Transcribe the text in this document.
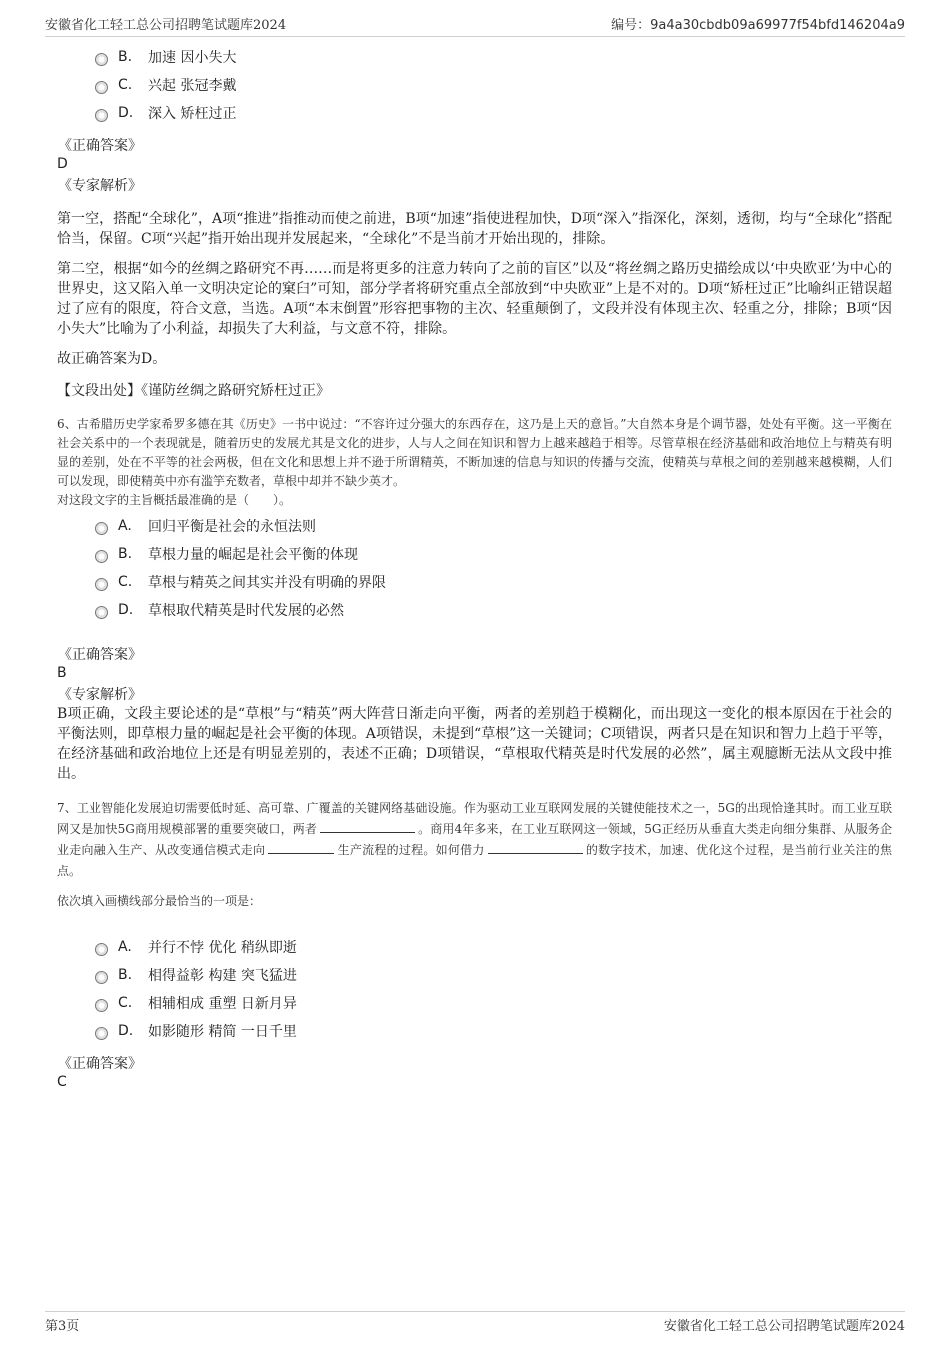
安徽省化工轻工总公司招聘笔试题库2024	编号：9a4a30cbdb09a69977f54bfd146204a9
B.	加速 因小失大
C.	兴起 张冠李戴
D.	深入 矫枉过正
《正确答案》
D
《专家解析》

第一空，搭配“全球化”，A项“推进”指推动而使之前进，B项“加速”指使进程加快，D项“深入”指深化，深刻，透彻，均与“全球化”搭配恰当，保留。C项“兴起”指开始出现并发展起来，“全球化”不是当前才开始出现的，排除。

第二空，根据“如今的丝绸之路研究不再……而是将更多的注意力转向了之前的盲区”以及“将丝绸之路历史描绘成以‘中央欧亚’为中心的世界史，这又陷入单一文明决定论的窠臼”可知，部分学者将研究重点全部放到“中央欧亚”上是不对的。D项“矫枉过正”比喻纠正错误超过了应有的限度，符合文意，当选。A项“本末倒置”形容把事物的主次、轻重颠倒了，文段并没有体现主次、轻重之分，排除；B项“因小失大”比喻为了小利益，却损失了大利益，与文意不符，排除。

故正确答案为D。

【文段出处】《谨防丝绸之路研究矫枉过正》

6、古希腊历史学家希罗多德在其《历史》一书中说过：“不容许过分强大的东西存在，这乃是上天的意旨。”大自然本身是个调节器，处处有平衡。这一平衡在社会关系中的一个表现就是，随着历史的发展尤其是文化的进步，人与人之间在知识和智力上越来越趋于相等。尽管草根在经济基础和政治地位上与精英有明显的差别，处在不平等的社会两极，但在文化和思想上并不逊于所谓精英，不断加速的信息与知识的传播与交流，使精英与草根之间的差别越来越模糊，人们可以发现，即使精英中亦有滥竽充数者，草根中却并不缺少英才。

对这段文字的主旨概括最准确的是（　　）。

A.	回归平衡是社会的永恒法则
B.	草根力量的崛起是社会平衡的体现
C.	草根与精英之间其实并没有明确的界限
D.	草根取代精英是时代发展的必然
《正确答案》
B
《专家解析》

B项正确，文段主要论述的是“草根”与“精英”两大阵营日渐走向平衡，两者的差别趋于模糊化，而出现这一变化的根本原因在于社会的平衡法则，即草根力量的崛起是社会平衡的体现。A项错误，未提到“草根”这一关键词；C项错误，两者只是在知识和智力上趋于平等，在经济基础和政治地位上还是有明显差别的，表述不正确；D项错误，“草根取代精英是时代发展的必然”，属主观臆断无法从文段中推出。

7、工业智能化发展迫切需要低时延、高可靠、广覆盖的关键网络基础设施。作为驱动工业互联网发展的关键使能技术之一，5G的出现恰逢其时。而工业互联网又是加快5G商用规模部署的重要突破口，两者	。商用4年多来，在工业互联网这一领域，5G正经历从垂直大类走向细分集群、从服务企业走向融入生产、从改变通信模式走向	生产流程的过程。如何借力	的数字技术，加速、优化这个过程，是当前行业关注的焦点。

依次填入画横线部分最恰当的一项是：

A.	并行不悖 优化 稍纵即逝
B.	相得益彰 构建 突飞猛进
C.	相辅相成 重塑 日新月异
D.	如影随形 精简 一日千里
《正确答案》
C
第3页	安徽省化工轻工总公司招聘笔试题库2024
